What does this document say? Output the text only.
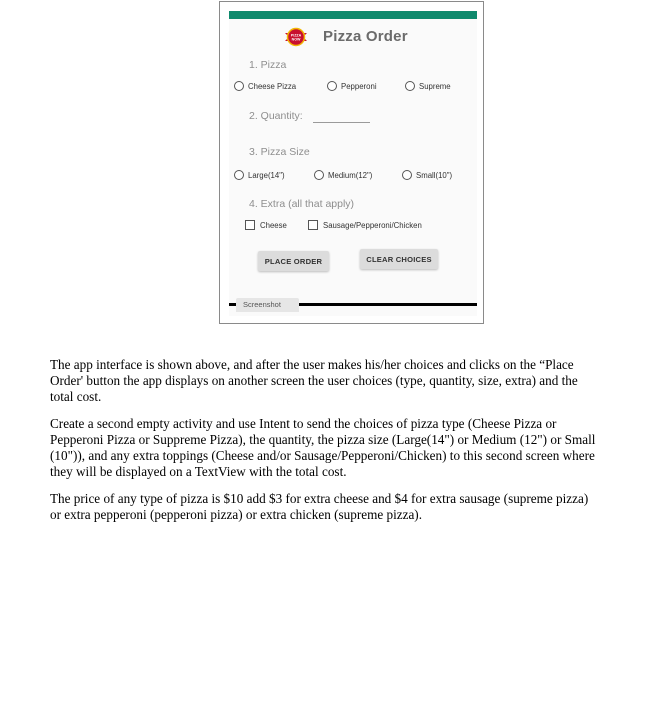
PIZZA
NOW Pizza Order
1. Pizza
Cheese Pizza	Pepperoni	Supreme
2. Quantity:
3. Pizza Size
Large(14")	Medium(12")	Small(10")
4. Extra (all that apply)
Cheese	Sausage/Pepperoni/Chicken
PLACE ORDER	CLEAR CHOICES
Screenshot
The app interface is shown above, and after the user makes his/her choices and clicks on the “Place
Order' button the app displays on another screen the user choices (type, quantity, size, extra) and the
total cost.
Create a second empty activity and use Intent to send the choices of pizza type (Cheese Pizza or
Pepperoni Pizza or Suppreme Pizza), the quantity, the pizza size (Large(14") or Medium (12") or Small
(10")), and any extra toppings (Cheese and/or Sausage/Pepperoni/Chicken) to this second screen where
they will be displayed on a TextView with the total cost.
The price of any type of pizza is $10 add $3 for extra cheese and $4 for extra sausage (supreme pizza)
or extra pepperoni (pepperoni pizza) or extra chicken (supreme pizza).
